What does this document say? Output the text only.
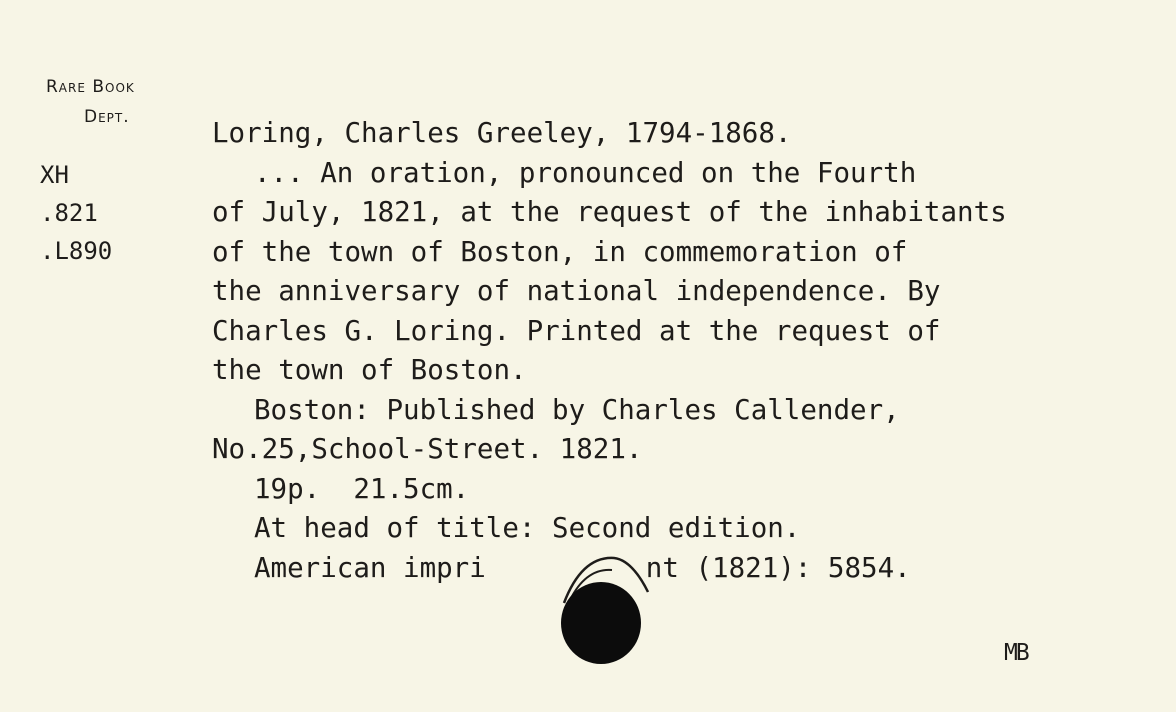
Rare Book
Dept.
XH
.821
.L890
Loring, Charles Greeley, 1794-1868.
... An oration, pronounced on the Fourth
of July, 1821, at the request of the inhabitants
of the town of Boston, in commemoration of
the anniversary of national independence. By
Charles G. Loring. Printed at the request of
the town of Boston.
Boston: Published by Charles Callender,
No.25,School-Street. 1821.
19p.  21.5cm.
At head of title: Second edition.
American impri	nt (1821): 5854.
MB
